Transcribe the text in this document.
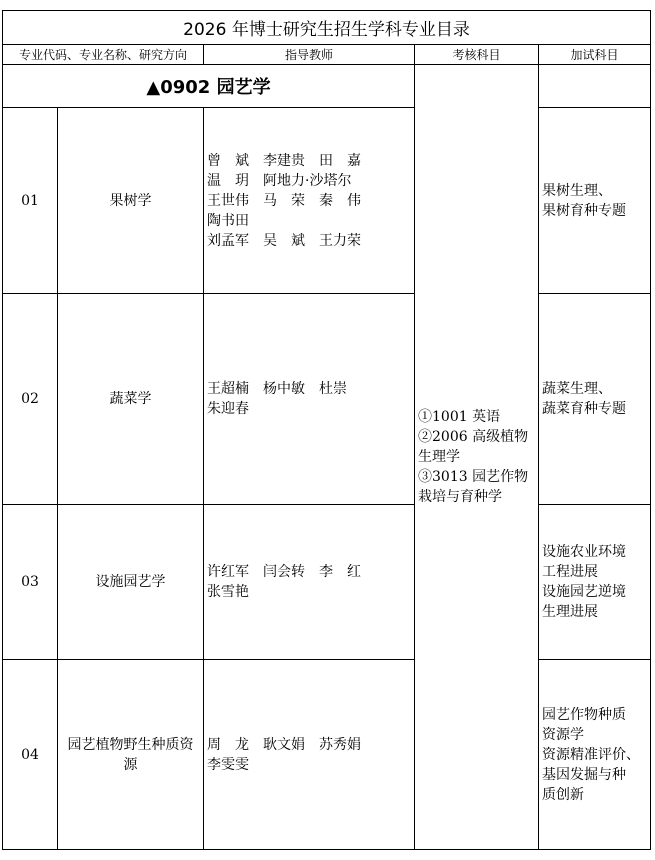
2026 年博士研究生招生学科专业目录				
专业代码、专业名称、研究方向		指导教师	考核科目	加试科目
▲0902 园艺学			①1001 英语
②2006 高级植物
生理学
③3013 园艺作物
栽培与育种学	

01	果树学	曾　斌　李建贵　田　嘉
温　玥　阿地力·沙塔尔
王世伟　马　荣　秦　伟
陶书田
刘孟军　吴　斌　王力荣		果树生理、
果树育种专题

02	蔬菜学	王超楠　杨中敏　杜崇
朱迎春		蔬菜生理、
蔬菜育种专题

03	设施园艺学	许红军　闫会转　李　红
张雪艳		设施农业环境
工程进展
设施园艺逆境
生理进展

04	园艺植物野生种质资源	周　龙　耿文娟　苏秀娟
李雯雯		园艺作物种质
资源学
资源精准评价、
基因发掘与种
质创新
